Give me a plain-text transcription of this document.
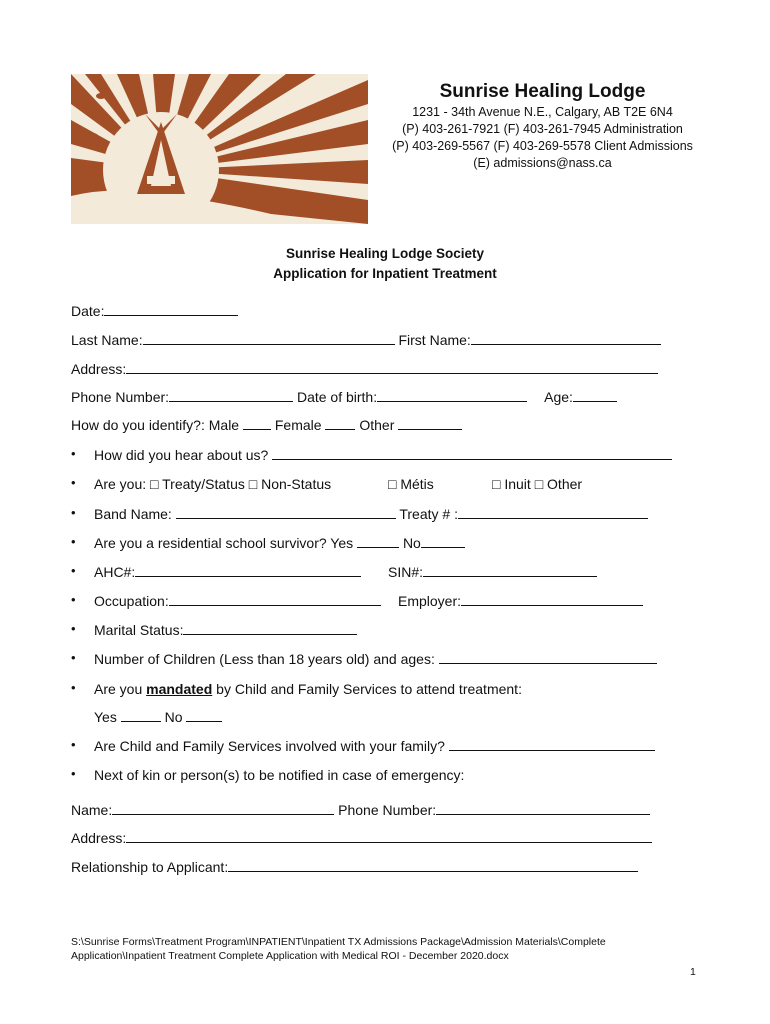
Sunrise Healing Lodge
1231 - 34th Avenue N.E., Calgary, AB T2E 6N4
(P) 403-261-7921 (F) 403-261-7945 Administration
(P) 403-269-5567 (F) 403-269-5578 Client Admissions
(E) admissions@nass.ca
Sunrise Healing Lodge Society
Application for Inpatient Treatment
Date:
Last Name:	First Name:
Address:
Phone Number:	Date of birth:	Age:
How do you identify?: Male	Female	Other
How did you hear about us?
•
Are you: □ Treaty/Status □ Non-Status	□ Métis	□ Inuit □ Other
•
Band Name:	Treaty # :
•
Are you a residential school survivor? Yes	No
•
AHC#:	SIN#:
•
Occupation:	Employer:
•
Marital Status:
•
Number of Children (Less than 18 years old) and ages:
•
Are you mandated by Child and Family Services to attend treatment:
•
Yes	No
Are Child and Family Services involved with your family?
•
Next of kin or person(s) to be notified in case of emergency:
•
Name:	Phone Number:
Address:
Relationship to Applicant:
S:\Sunrise Forms\Treatment Program\INPATIENT\Inpatient TX Admissions Package\Admission Materials\Complete
Application\Inpatient Treatment Complete Application with Medical ROI - December 2020.docx
1
